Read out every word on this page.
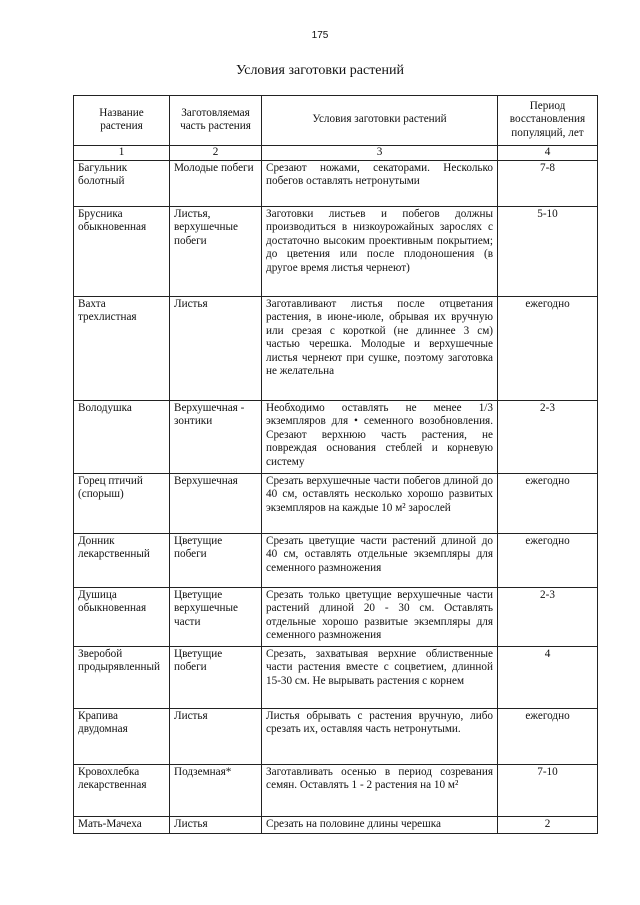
175
Условия заготовки растений
Название растения	Заготовляемая часть растения	Условия заготовки растений	Период восстановления популяций, лет
1	2	3	4
Багульник болотный	Молодые побеги	Срезают ножами, секаторами. Несколько побегов оставлять нетронутыми	7-8
Брусника обыкновенная	Листья, верхушечные побеги	Заготовки листьев и побегов должны производиться в низкоурожайных зарослях с достаточно высоким проективным покрытием; до цветения или после плодоношения (в другое время листья чернеют)	5-10
Вахта трехлистная	Листья	Заготавливают листья после отцветания растения, в июне-июле, обрывая их вручную или срезая с короткой (не длиннее 3 см) частью черешка. Молодые и верхушечные листья чернеют при сушке, поэтому заготовка не желательна	ежегодно
Володушка	Верхушечная - зонтики	Необходимо оставлять не менее 1/3 экземпляров для • семенного возобновления. Срезают верхнюю часть растения, не повреждая основания стеблей и корневую систему	2-3
Горец птичий (спорыш)	Верхушечная	Срезать верхушечные части побегов длиной до 40 см, оставлять несколько хорошо развитых экземпляров на каждые 10 м² зарослей	ежегодно
Донник лекарственный	Цветущие побеги	Срезать цветущие части растений длиной до 40 см, оставлять отдельные экземпляры для семенного размножения	ежегодно
Душица обыкновенная	Цветущие верхушечные части	Срезать только цветущие верхушечные части растений длиной 20 - 30 см. Оставлять отдельные хорошо развитые экземпляры для семенного размножения	2-3
Зверобой продырявленный	Цветущие побеги	Срезать, захватывая верхние облиственные части растения вместе с соцветием, длинной 15-30 см. Не вырывать растения с корнем	4
Крапива двудомная	Листья	Листья обрывать с растения вручную, либо срезать их, оставляя часть нетронутыми.	ежегодно
Кровохлебка лекарственная	Подземная*	Заготавливать осенью в период созревания семян. Оставлять 1 - 2 растения на 10 м²	7-10
Мать-Мачеха	Листья	Срезать на половине длины черешка	2
